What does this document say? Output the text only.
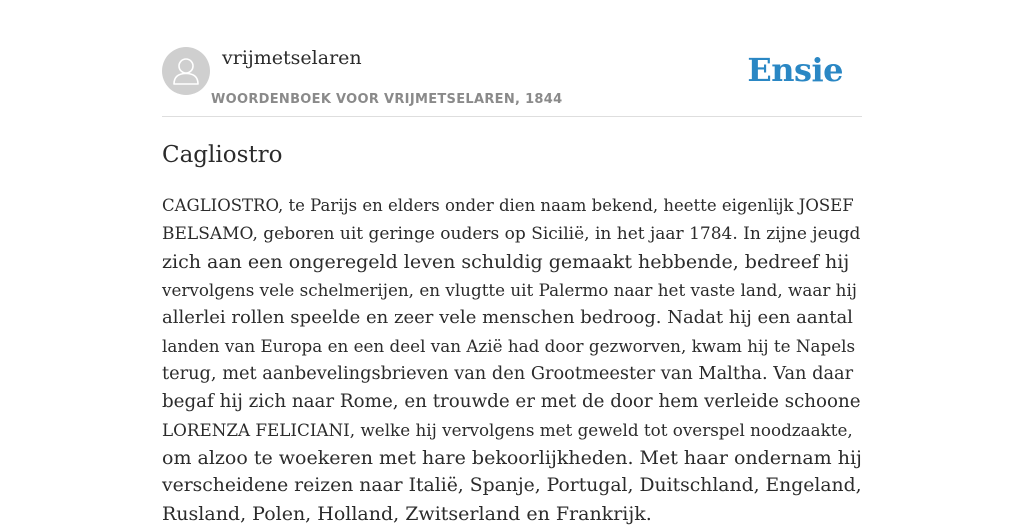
vrijmetselaren
WOORDENBOEK VOOR VRIJMETSELAREN, 1844
Ensie
Cagliostro
CAGLIOSTRO, te Parijs en elders onder dien naam bekend, heette eigenlijk JOSEF
BELSAMO, geboren uit geringe ouders op Sicilië, in het jaar 1784. In zijne jeugd
zich aan een ongeregeld leven schuldig gemaakt hebbende, bedreef hij
vervolgens vele schelmerijen, en vlugtte uit Palermo naar het vaste land, waar hij
allerlei rollen speelde en zeer vele menschen bedroog. Nadat hij een aantal
landen van Europa en een deel van Azië had door gezworven, kwam hij te Napels
terug, met aanbevelingsbrieven van den Grootmeester van Maltha. Van daar
begaf hij zich naar Rome, en trouwde er met de door hem verleide schoone
LORENZA FELICIANI, welke hij vervolgens met geweld tot overspel noodzaakte,
om alzoo te woekeren met hare bekoorlijkheden. Met haar ondernam hij
verscheidene reizen naar Italië, Spanje, Portugal, Duitschland, Engeland,
Rusland, Polen, Holland, Zwitserland en Frankrijk.
